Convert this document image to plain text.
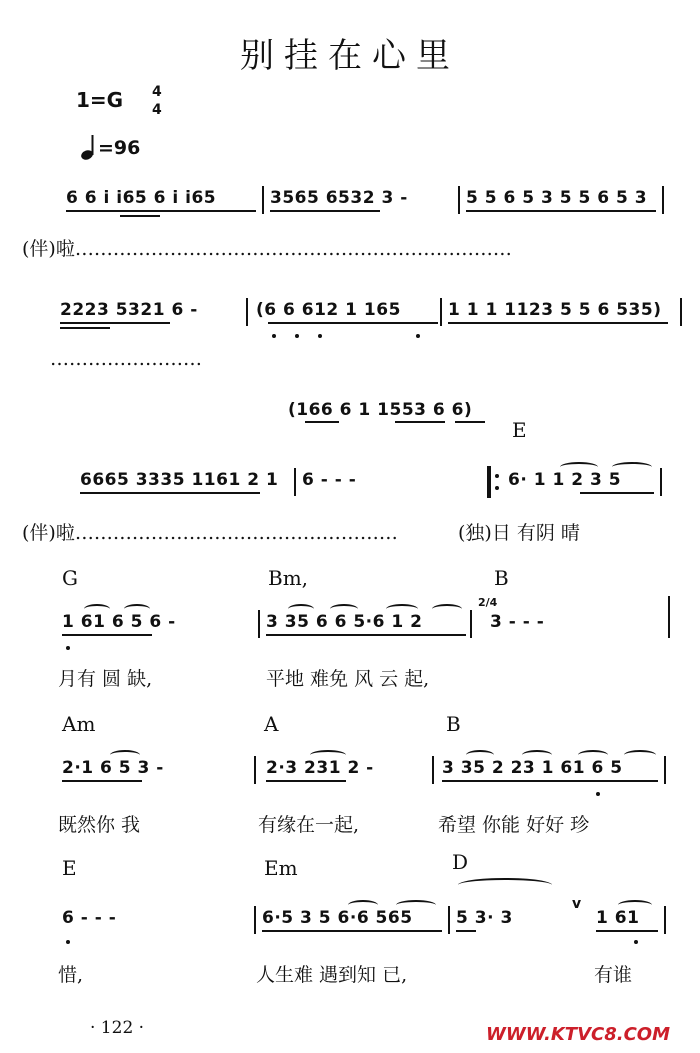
别挂在心里
1=G 4
4
=96
6 6 i i65 6 i i65	3565 6532 3 -	5 5 6 5 3 5 5 6 5 3
(伴)啦……………………………………………………………
2223 5321 6 -	(6 6 612 1 165	1 1 1 1123 5 5 6 535)
……………………
(166 6 1 1553 6 6)
E
6665 3335 1161 2 1 6 - - -	6· 1 1 2 3 5
(伴)啦……………………………………………	(独)日 有阴 晴
G	Bm,	B
1 61 6 5 6 -	3 35 6 6 5·6 1 2
2/4
3 - - -
月有 圆 缺,	平地 难免 风 云 起,
Am	A	B
2·1 6 5 3 -	2·3 231 2 -	3 35 2 23 1 61 6 5
既然你 我	有缘在一起,	希望 你能 好好 珍
E	Em	D
6 - - -	6·5 3 5 6·6 565	5 3· 3
v
1 61
惜,	人生难 遇到知 已,	有谁
· 122 ·	WWW.KTVC8.COM
